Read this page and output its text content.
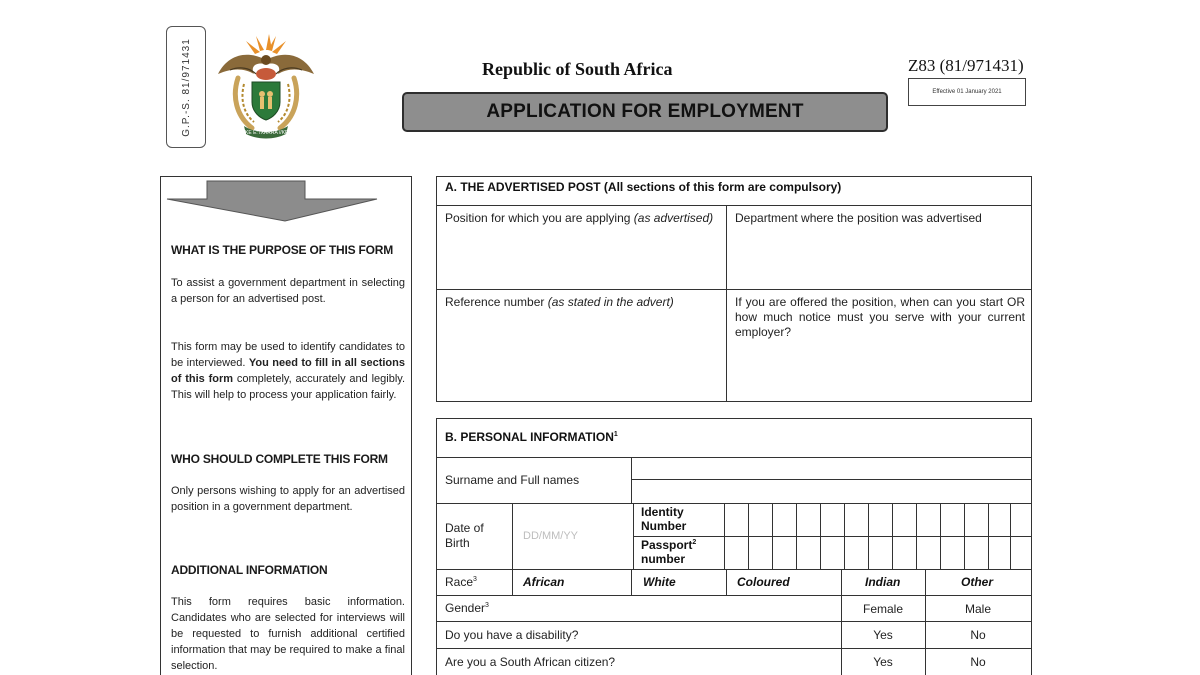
G.P.-S. 81/971431	!KE E: /XARRA //KE
Republic of South Africa
APPLICATION FOR EMPLOYMENT
Z83 (81/971431)
Effective 01 January 2021
WHAT IS THE PURPOSE OF THIS FORM
To assist a government department in selecting a person for an advertised post.
This form may be used to identify candidates to be interviewed. You need to fill in all sections of this form completely, accurately and legibly. This will help to process your application fairly.
WHO SHOULD COMPLETE THIS FORM
Only persons wishing to apply for an advertised position in a government department.
ADDITIONAL INFORMATION
This form requires basic information. Candidates who are selected for interviews will be requested to furnish additional certified information that may be required to make a final selection.
A. THE ADVERTISED POST (All sections of this form are compulsory)
Position for which you are applying (as advertised)	Department where the position was advertised
Reference number (as stated in the advert)	If you are offered the position, when can you start OR how much notice must you serve with your current employer?
B. PERSONAL INFORMATION$^1$
Surname and Full names
Date of Birth	DD/MM/YY
Identity Number
Passport$^2$
number
Race$^3$	African	White	Coloured	Indian	Other
Gender$^3$	Female	Male
Do you have a disability?	Yes	No
Are you a South African citizen?	Yes	No
